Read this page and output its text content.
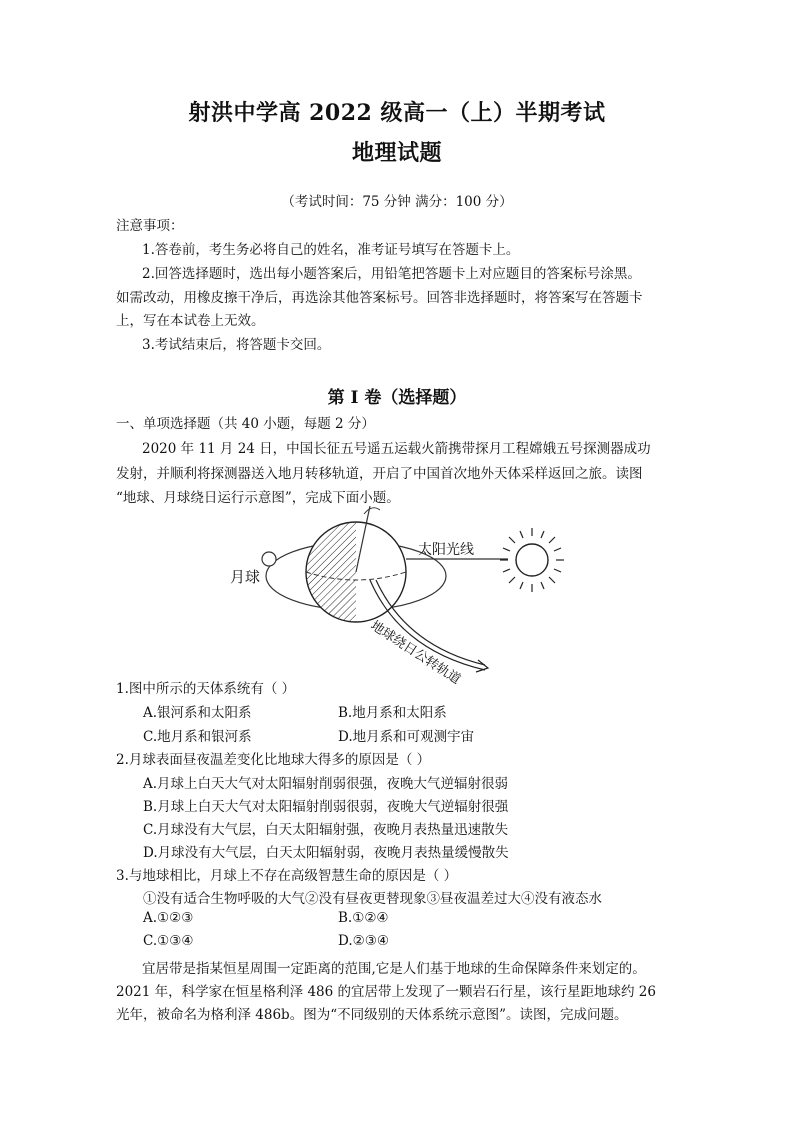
射洪中学高 2022 级高一（上）半期考试
地理试题
（考试时间：75 分钟 满分：100 分）
注意事项：
1.答卷前，考生务必将自己的姓名，准考证号填写在答题卡上。
2.回答选择题时，选出每小题答案后，用铅笔把答题卡上对应题目的答案标号涂黑。
如需改动，用橡皮擦干净后，再选涂其他答案标号。回答非选择题时，将答案写在答题卡
上，写在本试卷上无效。
3.考试结束后，将答题卡交回。
第 I 卷（选择题）
一、单项选择题（共 40 小题，每题 2 分）
2020 年 11 月 24 日，中国长征五号遥五运载火箭携带探月工程嫦娥五号探测器成功
发射，并顺利将探测器送入地月转移轨道，开启了中国首次地外天体采样返回之旅。读图
“地球、月球绕日运行示意图”，完成下面小题。
月球
太阳光线
地球绕日公转轨道
1.图中所示的天体系统有（ ）
A.银河系和太阳系	B.地月系和太阳系
C.地月系和银河系	D.地月系和可观测宇宙
2.月球表面昼夜温差变化比地球大得多的原因是（ ）
A.月球上白天大气对太阳辐射削弱很强，夜晚大气逆辐射很弱
B.月球上白天大气对太阳辐射削弱很弱，夜晚大气逆辐射很强
C.月球没有大气层，白天太阳辐射强，夜晚月表热量迅速散失
D.月球没有大气层，白天太阳辐射弱，夜晚月表热量缓慢散失
3.与地球相比，月球上不存在高级智慧生命的原因是（ ）
①没有适合生物呼吸的大气②没有昼夜更替现象③昼夜温差过大④没有液态水
A.①②③	B.①②④
C.①③④	D.②③④
宜居带是指某恒星周围一定距离的范围,它是人们基于地球的生命保障条件来划定的。
2021 年，科学家在恒星格利泽 486 的宜居带上发现了一颗岩石行星，该行星距地球约 26
光年，被命名为格利泽 486b。图为“不同级别的天体系统示意图”。读图，完成问题。
